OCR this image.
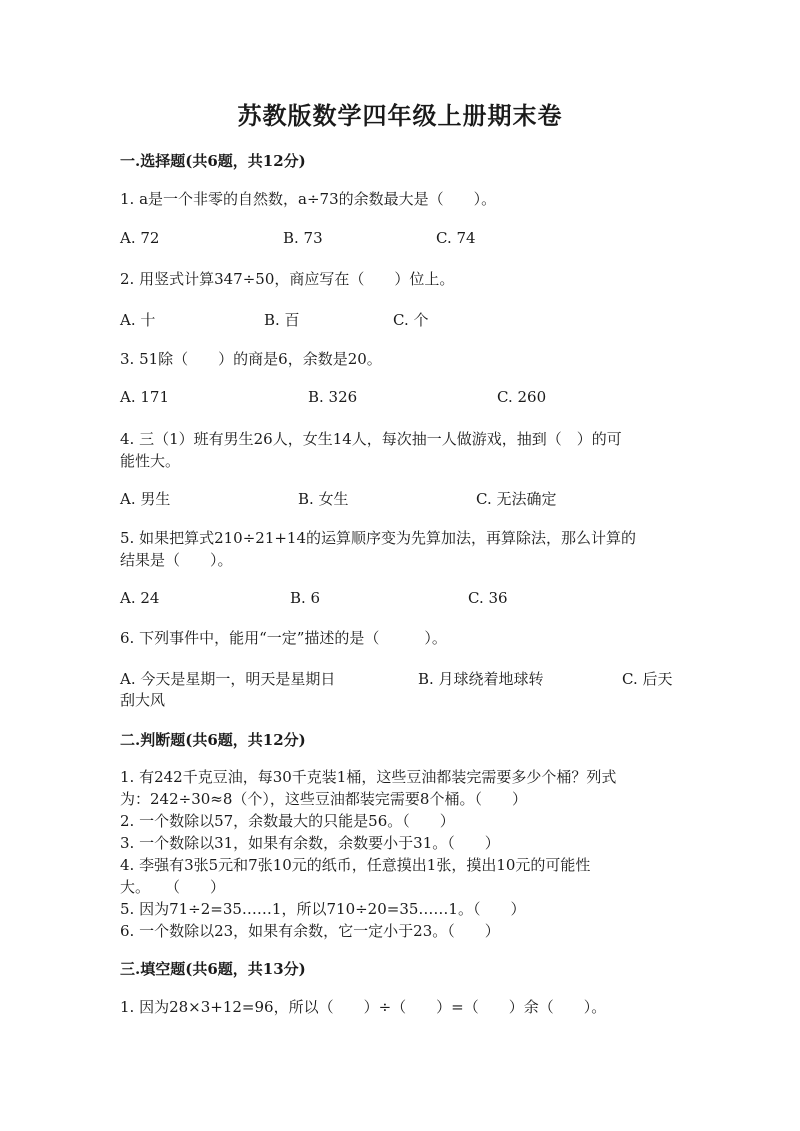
苏教版数学四年级上册期末卷
一.选择题(共6题，共12分)
1. a是一个非零的自然数，a÷73的余数最大是（　　）。
A. 72	B. 73	C. 74
2. 用竖式计算347÷50，商应写在（　　）位上。
A. 十	B. 百	C. 个
3. 51除（　　）的商是6，余数是20。
A. 171	B. 326	C. 260
4. 三（1）班有男生26人，女生14人，每次抽一人做游戏，抽到（　）的可
能性大。
A. 男生	B. 女生	C. 无法确定
5. 如果把算式210÷21+14的运算顺序变为先算加法，再算除法，那么计算的
结果是（　　）。
A. 24	B. 6	C. 36
6. 下列事件中，能用“一定”描述的是（　　　）。
A. 今天是星期一，明天是星期日	B. 月球绕着地球转	C. 后天
刮大风
二.判断题(共6题，共12分)
1. 有242千克豆油，每30千克装1桶，这些豆油都装完需要多少个桶？列式
为：242÷30≈8（个），这些豆油都装完需要8个桶。（　　）
2. 一个数除以57，余数最大的只能是56。（　　）
3. 一个数除以31，如果有余数，余数要小于31。（　　）
4. 李强有3张5元和7张10元的纸币，任意摸出1张，摸出10元的可能性
大。　　（　　）
5. 因为71÷2=35……1，所以710÷20=35……1。（　　）
6. 一个数除以23，如果有余数，它一定小于23。（　　）
三.填空题(共6题，共13分)
1. 因为28×3+12=96，所以（　　）÷（　　）=（　　）余（　　）。
